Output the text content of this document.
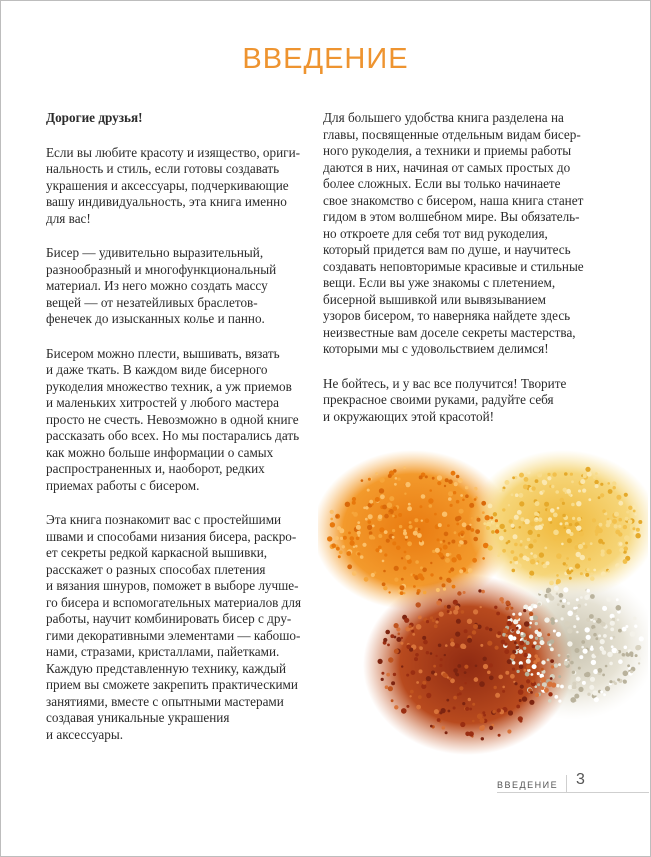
ВВЕДЕНИЕ

Дорогие друзья!

Если вы любите красоту и изящество, ориги-
нальность и стиль, если готовы создавать
украшения и аксессуары, подчеркивающие
вашу индивидуальность, эта книга именно
для вас!

Бисер — удивительно выразительный,
разнообразный и многофункциональный
материал. Из него можно создать массу
вещей — от незатейливых браслетов-
фенечек до изысканных колье и панно.

Бисером можно плести, вышивать, вязать
и даже ткать. В каждом виде бисерного
рукоделия множество техник, а уж приемов
и маленьких хитростей у любого мастера
просто не счесть. Невозможно в одной книге
рассказать обо всех. Но мы постарались дать
как можно больше информации о самых
распространенных и, наоборот, редких
приемах работы с бисером.

Эта книга познакомит вас с простейшими
швами и способами низания бисера, раскро-
ет секреты редкой каркасной вышивки,
расскажет о разных способах плетения
и вязания шнуров, поможет в выборе лучше-
го бисера и вспомогательных материалов для
работы, научит комбинировать бисер с дру-
гими декоративными элементами — кабошо-
нами, стразами, кристаллами, пайетками.
Каждую представленную технику, каждый
прием вы сможете закрепить практическими
занятиями, вместе с опытными мастерами
создавая уникальные украшения
и аксессуары.

Для большего удобства книга разделена на
главы, посвященные отдельным видам бисер-
ного рукоделия, а техники и приемы работы
даются в них, начиная от самых простых до
более сложных. Если вы только начинаете
свое знакомство с бисером, наша книга станет
гидом в этом волшебном мире. Вы обязатель-
но откроете для себя тот вид рукоделия,
который придется вам по душе, и научитесь
создавать неповторимые красивые и стильные
вещи. Если вы уже знакомы с плетением,
бисерной вышивкой или вывязыванием
узоров бисером, то наверняка найдете здесь
неизвестные вам доселе секреты мастерства,
которыми мы с удовольствием делимся!

Не бойтесь, и у вас все получится! Творите
прекрасное своими руками, радуйте себя
и окружающих этой красотой!

ВВЕДЕНИЕ 3
